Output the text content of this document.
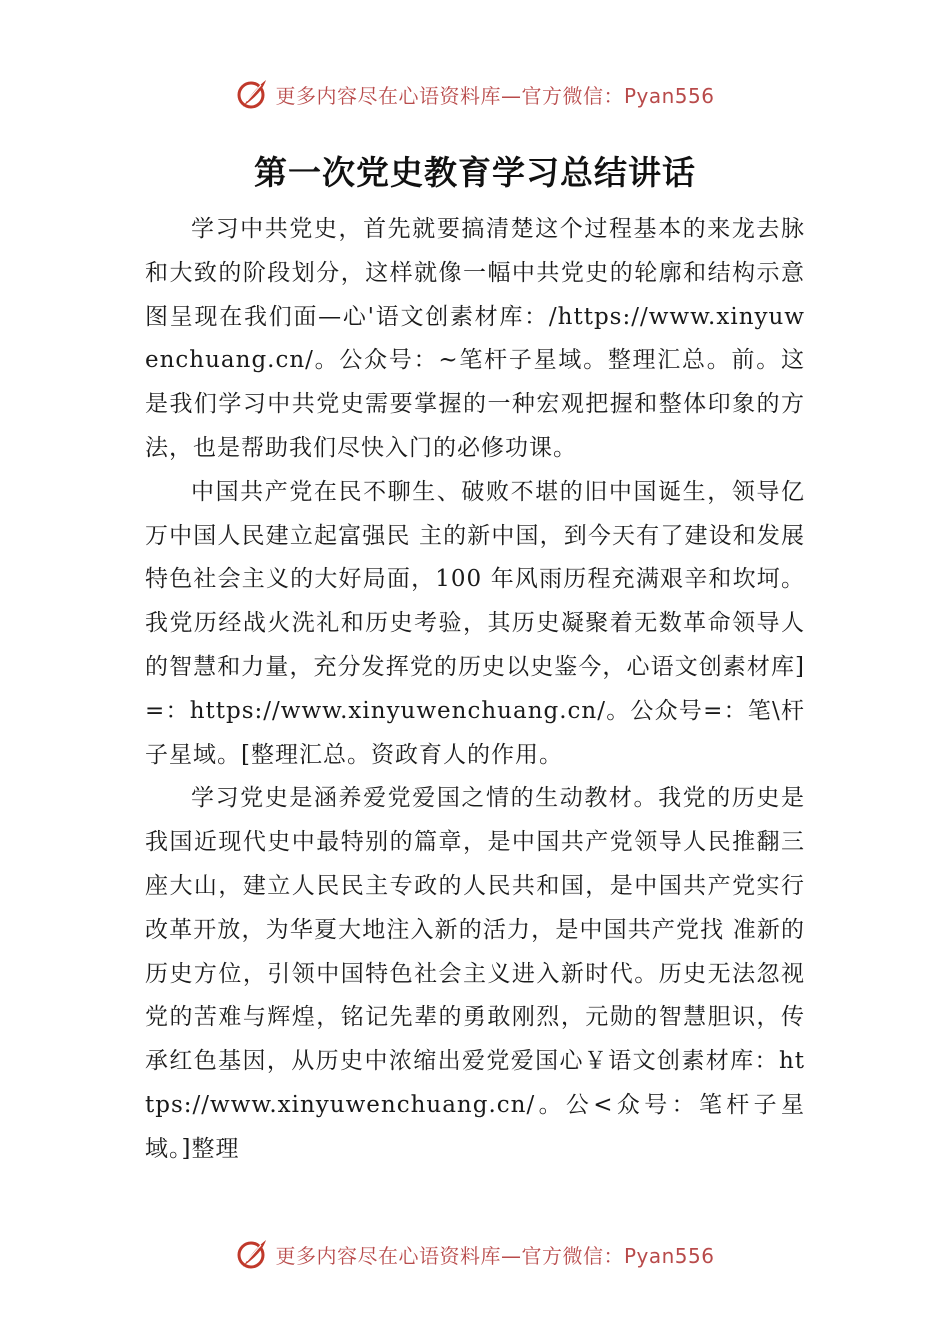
更多内容尽在心语资料库—官方微信：Pyan556
第一次党史教育学习总结讲话

学习中共党史，首先就要搞清楚这个过程基本的来龙去脉和大致的阶段划分，这样就像一幅中共党史的轮廓和结构示意图呈现在我们面—心'语文创素材库：/https://www.xinyuwenchuang.cn/。公众号：~笔杆子星域。整理汇总。前。这是我们学习中共党史需要掌握的一种宏观把握和整体印象的方法，也是帮助我们尽快入门的必修功课。

中国共产党在民不聊生、破败不堪的旧中国诞生，领导亿万中国人民建立起富强民 主的新中国，到今天有了建设和发展特色社会主义的大好局面，100 年风雨历程充满艰辛和坎坷。我党历经战火洗礼和历史考验，其历史凝聚着无数革命领导人的智慧和力量，充分发挥党的历史以史鉴今，心语文创素材库]=：https://www.xinyuwenchuang.cn/。公众号=：笔\杆子星域。[整理汇总。资政育人的作用。

学习党史是涵养爱党爱国之情的生动教材。我党的历史是我国近现代史中最特别的篇章，是中国共产党领导人民推翻三座大山，建立人民民主专政的人民共和国，是中国共产党实行改革开放，为华夏大地注入新的活力，是中国共产党找 准新的历史方位，引领中国特色社会主义进入新时代。历史无法忽视党的苦难与辉煌，铭记先辈的勇敢刚烈，元勋的智慧胆识，传承红色基因，从历史中浓缩出爱党爱国心￥语文创素材库：https://www.xinyuwenchuang.cn/。公<众号：笔杆子星域。]整理

更多内容尽在心语资料库—官方微信：Pyan556
